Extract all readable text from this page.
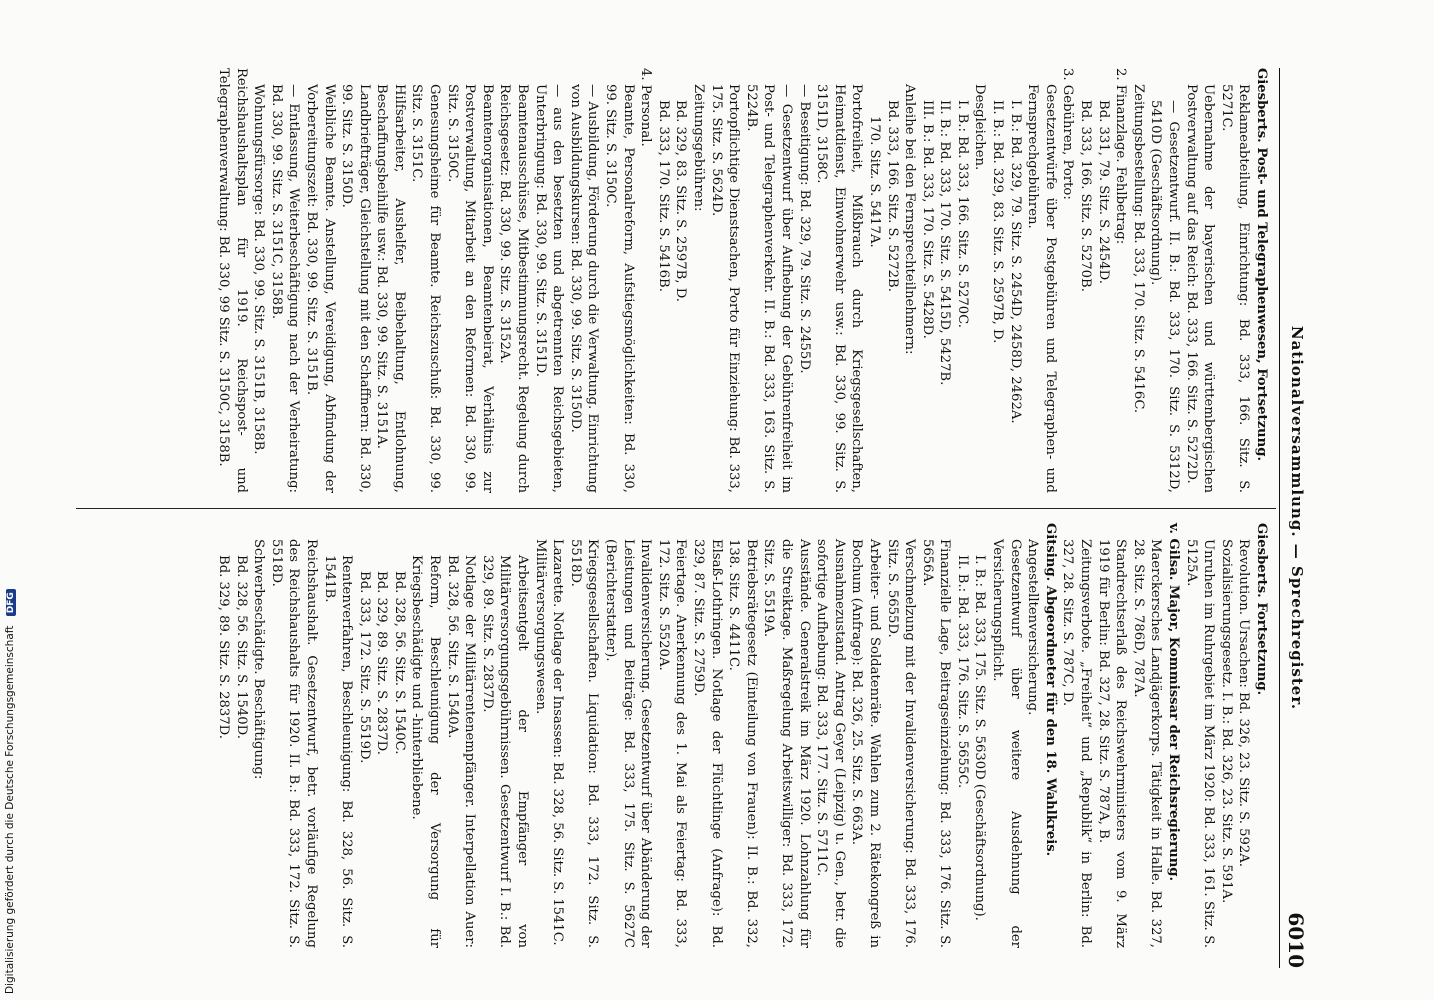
Nationalversammlung. — Sprechregister.
6010

Giesberts. Post- und Telegraphenwesen, Fortsetzung.

Reklameabteilung, Einrichtung: Bd. 333, 166. Sitz. S. 5271C.

Uebernahme der bayerischen und württembergischen Postverwaltung auf das Reich: Bd. 333, 166. Sitz. S. 5272D.

— Gesetzentwurf. II. B.: Bd. 333, 170. Sitz. S. 5312D, 5410D (Geschäftsordnung).

Zeitungsbestellung: Bd. 333, 170. Sitz. S. 5416C.

2. Finanzlage. Fehlbetrag:

Bd. 331, 79. Sitz. S. 2454D.

Bd. 333, 166. Sitz. S. 5270B.

3. Gebühren, Porto:

Gesetzentwürfe über Postgebühren und Telegraphen- und Fernsprechgebühren.

I. B.: Bd. 329, 79. Sitz. S. 2454D, 2458D, 2462A.

II. B.: Bd. 329, 83. Sitz. S. 2597B, D.

Desgleichen.

I. B.: Bd. 333, 166. Sitz. S. 5270C.

II. B.: Bd. 333, 170. Sitz. S. 5415D, 5427B.

III. B.: Bd. 333, 170. Sitz. S. 5428D.

Anleihe bei den Fernsprechteilnehmern:

Bd. 333, 166. Sitz. S. 5272B.

170. Sitz. S. 5417A.

Portofreiheit, Mißbrauch durch Kriegsgesellschaften, Heimatdienst, Einwohnerwehr usw.: Bd. 330, 99. Sitz. S. 3151D, 3158C.

— Beseitigung: Bd. 329, 79. Sitz. S. 2455D.

— Gesetzentwurf über Aufhebung der Gebührenfreiheit im Post- und Telegraphenverkehr. II. B.: Bd. 333, 163. Sitz. S. 5224B.

Portopflichtige Dienstsachen, Porto für Einziehung: Bd. 333, 175. Sitz. S. 5624D.

Zeitungsgebühren:

Bd. 329, 83. Sitz. S. 2597B, D.

Bd. 333, 170. Sitz. S. 5416B.

4. Personal.

Beamte, Personalreform, Aufstiegsmöglichkeiten: Bd. 330, 99. Sitz. S. 3150C.

— Ausbildung, Förderung durch die Verwaltung. Einrichtung von Ausbildungskursen: Bd. 330, 99. Sitz. S. 3150D.

— aus den besetzten und abgetrennten Reichsgebieten, Unterbringung: Bd. 330, 99. Sitz. S. 3151D.

Beamtenausschüsse, Mitbestimmungsrecht. Regelung durch Reichsgesetz: Bd. 330, 99. Sitz. S. 3152A.

Beamtenorganisationen, Beamtenbeirat, Verhältnis zur Postverwaltung, Mitarbeit an den Reformen: Bd. 330, 99. Sitz. S. 3150C.

Genesungsheime für Beamte. Reichszuschuß: Bd. 330, 99. Sitz. S. 3151C.

Hilfsarbeiter, Aushelfer, Beibehaltung, Entlohnung, Beschaffungsbeihilfe usw.: Bd. 330, 99. Sitz. S. 3151A.

Landbriefträger, Gleichstellung mit den Schaffnern: Bd. 330, 99. Sitz. S. 3150D.

Weibliche Beamte. Anstellung, Vereidigung, Abfindung der Vorbereitungszeit: Bd. 330, 99. Sitz. S. 3151B.

— Entlassung, Weiterbeschäftigung nach der Verheiratung: Bd. 330, 99. Sitz. S. 3151C, 3158B.

Wohnungsfürsorge: Bd. 330, 99. Sitz. S. 3151B, 3158B.

Reichshaushaltsplan für 1919. Reichspost- und Telegraphenverwaltung: Bd. 330, 99 Sitz. S. 3150C, 3158B.

Giesberts. Fortsetzung.

Revolution. Ursachen: Bd. 326, 23. Sitz. S. 592A.

Sozialisierungsgesetz. I. B.: Bd. 326, 23. Sitz. S. 591A.

Unruhen im Ruhrgebiet im März 1920: Bd. 333, 161. Sitz. S. 5125A.

v. Gilsa. Major, Kommissar der Reichsregierung.

Maerckersches Landjägerkorps. Tätigkeit in Halle. Bd. 327, 28. Sitz. S. 786D, 787A.

Standrechtserlaß des Reichswehrministers vom 9. März 1919 für Berlin: Bd. 327, 28. Sitz. S. 787A, B.

Zeitungsverbote. „Freiheit“ und „Republik“ in Berlin: Bd. 327, 28. Sitz. S. 787C, D.

Gitsing. Abgeordneter für den 18. Wahlkreis.

Angestelltenversicherung.

Gesetzentwurf über weitere Ausdehnung der Versicherungspflicht.

I. B.: Bd. 333, 175. Sitz. S. 5630D (Geschäftsordnung).

II. B.: Bd. 333, 176. Sitz. S. 5655C.

Finanzielle Lage, Beitragseinziehung: Bd. 333, 176. Sitz. S. 5656A.

Verschmelzung mit der Invalidenversicherung: Bd. 333, 176. Sitz. S. 5655D.

Arbeiter- und Soldatenräte. Wahlen zum 2. Rätekongreß in Bochum (Anfrage): Bd. 326, 25. Sitz. S. 663A.

Ausnahmezustand. Antrag Geyer (Leipzig) u. Gen., betr. die sofortige Aufhebung: Bd. 333, 177. Sitz. S. 5711C.

Ausstände. Generalstreik im März 1920. Lohnzahlung für die Streiktage. Maßregelung Arbeitswilliger: Bd. 333, 172. Sitz. S. 5519A.

Betriebsrätegesetz (Einteilung von Frauen): II. B.: Bd. 332, 138. Sitz. S. 4411C.

Elsaß-Lothringen. Notlage der Flüchtlinge (Anfrage): Bd. 329, 87. Sitz. S. 2759D.

Feiertage. Anerkennung des 1. Mai als Feiertag: Bd. 333, 172. Sitz. S. 5520A.

Invalidenversicherung. Gesetzentwurf über Abänderung der Leistungen und Beiträge: Bd. 333, 175. Sitz. S. 5627C (Berichterstatter).

Kriegsgesellschaften. Liquidation: Bd. 333, 172. Sitz. S. 5518D.

Lazarette. Notlage der Insassen: Bd. 328, 56. Sitz. S. 1541C.

Militärversorgungswesen.

Arbeitsentgelt der Empfänger von Militärversorgungsgebührnissen. Gesetzentwurf I. B.: Bd. 329, 89. Sitz. S. 2837D.

Notlage der Militärrentenempfänger. Interpellation Auer: Bd. 328, 56. Sitz. S. 1540A.

Reform, Beschleunigung der Versorgung für Kriegsbeschädigte und -hinterbliebene.

Bd. 328, 56. Sitz. S. 1540C.

Bd. 329, 89. Sitz. S. 2837D.

Bd. 333, 172. Sitz. S. 5519D.

Rentenverfahren, Beschleunigung: Bd. 328, 56. Sitz. S. 1541B.

Reichshaushalt. Gesetzentwurf, betr. vorläufige Regelung des Reichshaushalts für 1920. II. B.: Bd. 333, 172. Sitz. S. 5518D.

Schwerbeschädigte. Beschäftigung:

Bd. 328, 56. Sitz. S. 1540D.

Bd. 329, 89. Sitz. S. 2837D.

Digitalisierung gefördert durch die Deutsche Forschungsgemeinschaft DFG
